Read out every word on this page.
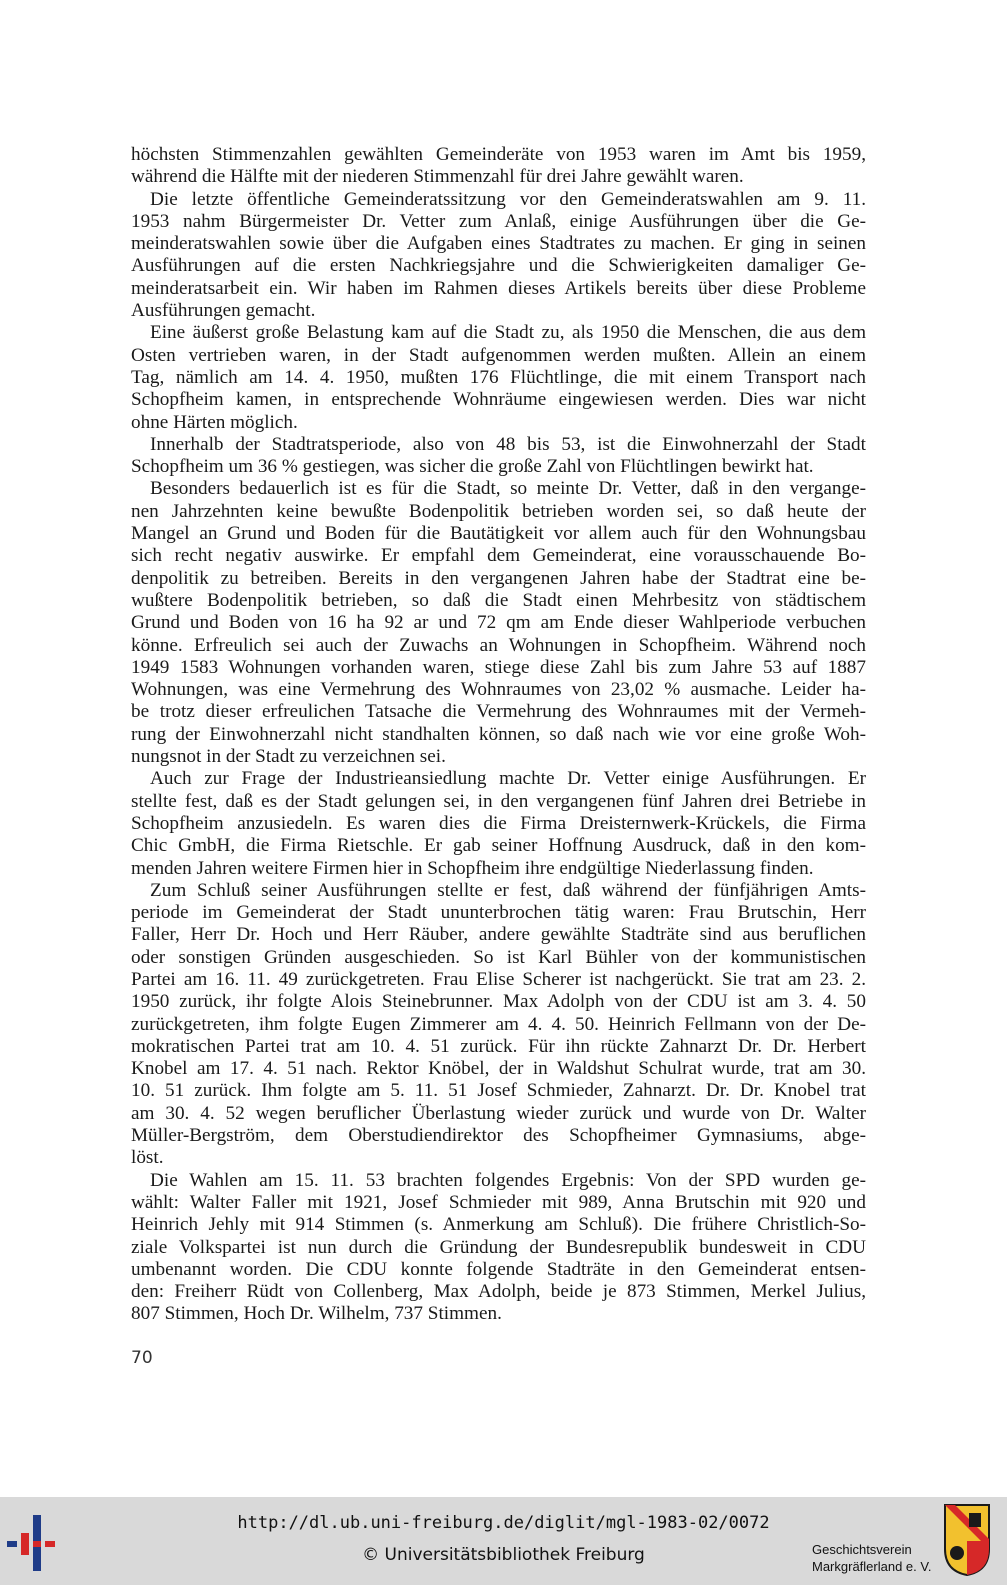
höchsten Stimmenzahlen gewählten Gemeinderäte von 1953 waren im Amt bis 1959,
während die Hälfte mit der niederen Stimmenzahl für drei Jahre gewählt waren.
Die letzte öffentliche Gemeinderatssitzung vor den Gemeinderatswahlen am 9. 11.
1953 nahm Bürgermeister Dr. Vetter zum Anlaß, einige Ausführungen über die Ge-
meinderatswahlen sowie über die Aufgaben eines Stadtrates zu machen. Er ging in seinen
Ausführungen auf die ersten Nachkriegsjahre und die Schwierigkeiten damaliger Ge-
meinderatsarbeit ein. Wir haben im Rahmen dieses Artikels bereits über diese Probleme
Ausführungen gemacht.
Eine äußerst große Belastung kam auf die Stadt zu, als 1950 die Menschen, die aus dem
Osten vertrieben waren, in der Stadt aufgenommen werden mußten. Allein an einem
Tag, nämlich am 14. 4. 1950, mußten 176 Flüchtlinge, die mit einem Transport nach
Schopfheim kamen, in entsprechende Wohnräume eingewiesen werden. Dies war nicht
ohne Härten möglich.
Innerhalb der Stadtratsperiode, also von 48 bis 53, ist die Einwohnerzahl der Stadt
Schopfheim um 36 % gestiegen, was sicher die große Zahl von Flüchtlingen bewirkt hat.
Besonders bedauerlich ist es für die Stadt, so meinte Dr. Vetter, daß in den vergange-
nen Jahrzehnten keine bewußte Bodenpolitik betrieben worden sei, so daß heute der
Mangel an Grund und Boden für die Bautätigkeit vor allem auch für den Wohnungsbau
sich recht negativ auswirke. Er empfahl dem Gemeinderat, eine vorausschauende Bo-
denpolitik zu betreiben. Bereits in den vergangenen Jahren habe der Stadtrat eine be-
wußtere Bodenpolitik betrieben, so daß die Stadt einen Mehrbesitz von städtischem
Grund und Boden von 16 ha 92 ar und 72 qm am Ende dieser Wahlperiode verbuchen
könne. Erfreulich sei auch der Zuwachs an Wohnungen in Schopfheim. Während noch
1949 1583 Wohnungen vorhanden waren, stiege diese Zahl bis zum Jahre 53 auf 1887
Wohnungen, was eine Vermehrung des Wohnraumes von 23,02 % ausmache. Leider ha-
be trotz dieser erfreulichen Tatsache die Vermehrung des Wohnraumes mit der Vermeh-
rung der Einwohnerzahl nicht standhalten können, so daß nach wie vor eine große Woh-
nungsnot in der Stadt zu verzeichnen sei.
Auch zur Frage der Industrieansiedlung machte Dr. Vetter einige Ausführungen. Er
stellte fest, daß es der Stadt gelungen sei, in den vergangenen fünf Jahren drei Betriebe in
Schopfheim anzusiedeln. Es waren dies die Firma Dreisternwerk-Krückels, die Firma
Chic GmbH, die Firma Rietschle. Er gab seiner Hoffnung Ausdruck, daß in den kom-
menden Jahren weitere Firmen hier in Schopfheim ihre endgültige Niederlassung finden.
Zum Schluß seiner Ausführungen stellte er fest, daß während der fünfjährigen Amts-
periode im Gemeinderat der Stadt ununterbrochen tätig waren: Frau Brutschin, Herr
Faller, Herr Dr. Hoch und Herr Räuber, andere gewählte Stadträte sind aus beruflichen
oder sonstigen Gründen ausgeschieden. So ist Karl Bühler von der kommunistischen
Partei am 16. 11. 49 zurückgetreten. Frau Elise Scherer ist nachgerückt. Sie trat am 23. 2.
1950 zurück, ihr folgte Alois Steinebrunner. Max Adolph von der CDU ist am 3. 4. 50
zurückgetreten, ihm folgte Eugen Zimmerer am 4. 4. 50. Heinrich Fellmann von der De-
mokratischen Partei trat am 10. 4. 51 zurück. Für ihn rückte Zahnarzt Dr. Dr. Herbert
Knobel am 17. 4. 51 nach. Rektor Knöbel, der in Waldshut Schulrat wurde, trat am 30.
10. 51 zurück. Ihm folgte am 5. 11. 51 Josef Schmieder, Zahnarzt. Dr. Dr. Knobel trat
am 30. 4. 52 wegen beruflicher Überlastung wieder zurück und wurde von Dr. Walter
Müller-Bergström, dem Oberstudiendirektor des Schopfheimer Gymnasiums, abge-
löst.
Die Wahlen am 15. 11. 53 brachten folgendes Ergebnis: Von der SPD wurden ge-
wählt: Walter Faller mit 1921, Josef Schmieder mit 989, Anna Brutschin mit 920 und
Heinrich Jehly mit 914 Stimmen (s. Anmerkung am Schluß). Die frühere Christlich-So-
ziale Volkspartei ist nun durch die Gründung der Bundesrepublik bundesweit in CDU
umbenannt worden. Die CDU konnte folgende Stadträte in den Gemeinderat entsen-
den: Freiherr Rüdt von Collenberg, Max Adolph, beide je 873 Stimmen, Merkel Julius,
807 Stimmen, Hoch Dr. Wilhelm, 737 Stimmen.
70
http://dl.ub.uni-freiburg.de/diglit/mgl-1983-02/0072
© Universitätsbibliothek Freiburg	Geschichtsverein
Markgräflerland e. V.
